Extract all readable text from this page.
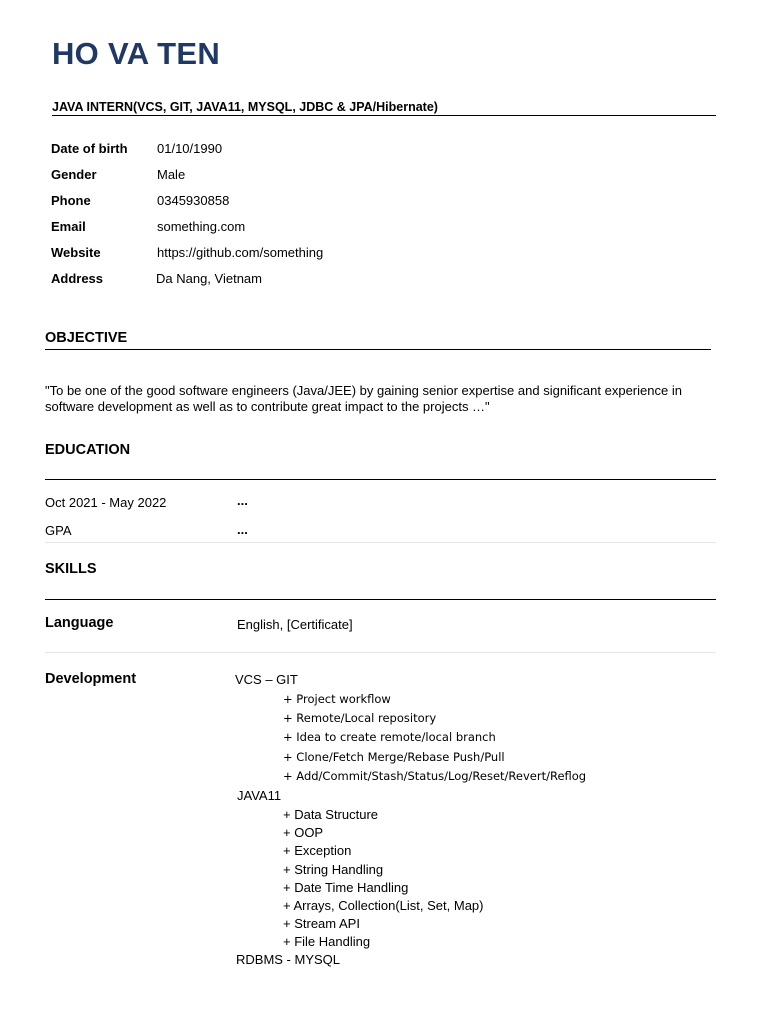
HO VA TEN
JAVA INTERN(VCS, GIT, JAVA11, MYSQL, JDBC & JPA/Hibernate)
Date of birth 01/10/1990
Gender	Male
Phone	0345930858
Email	something.com
Website	https://github.com/something
Address	Da Nang, Vietnam
OBJECTIVE
"To be one of the good software engineers (Java/JEE) by gaining senior expertise and significant experience in software development as well as to contribute great impact to the projects …"
EDUCATION
Oct 2021 - May 2022	...
GPA	...
SKILLS
Language	English, [Certificate]
Development	VCS – GIT
+ Project workflow
+ Remote/Local repository
+ Idea to create remote/local branch
+ Clone/Fetch Merge/Rebase Push/Pull
+ Add/Commit/Stash/Status/Log/Reset/Revert/Reflog
JAVA11
+ Data Structure
+ OOP
+ Exception
+ String Handling
+ Date Time Handling
+ Arrays, Collection(List, Set, Map)
+ Stream API
+ File Handling
RDBMS - MYSQL
